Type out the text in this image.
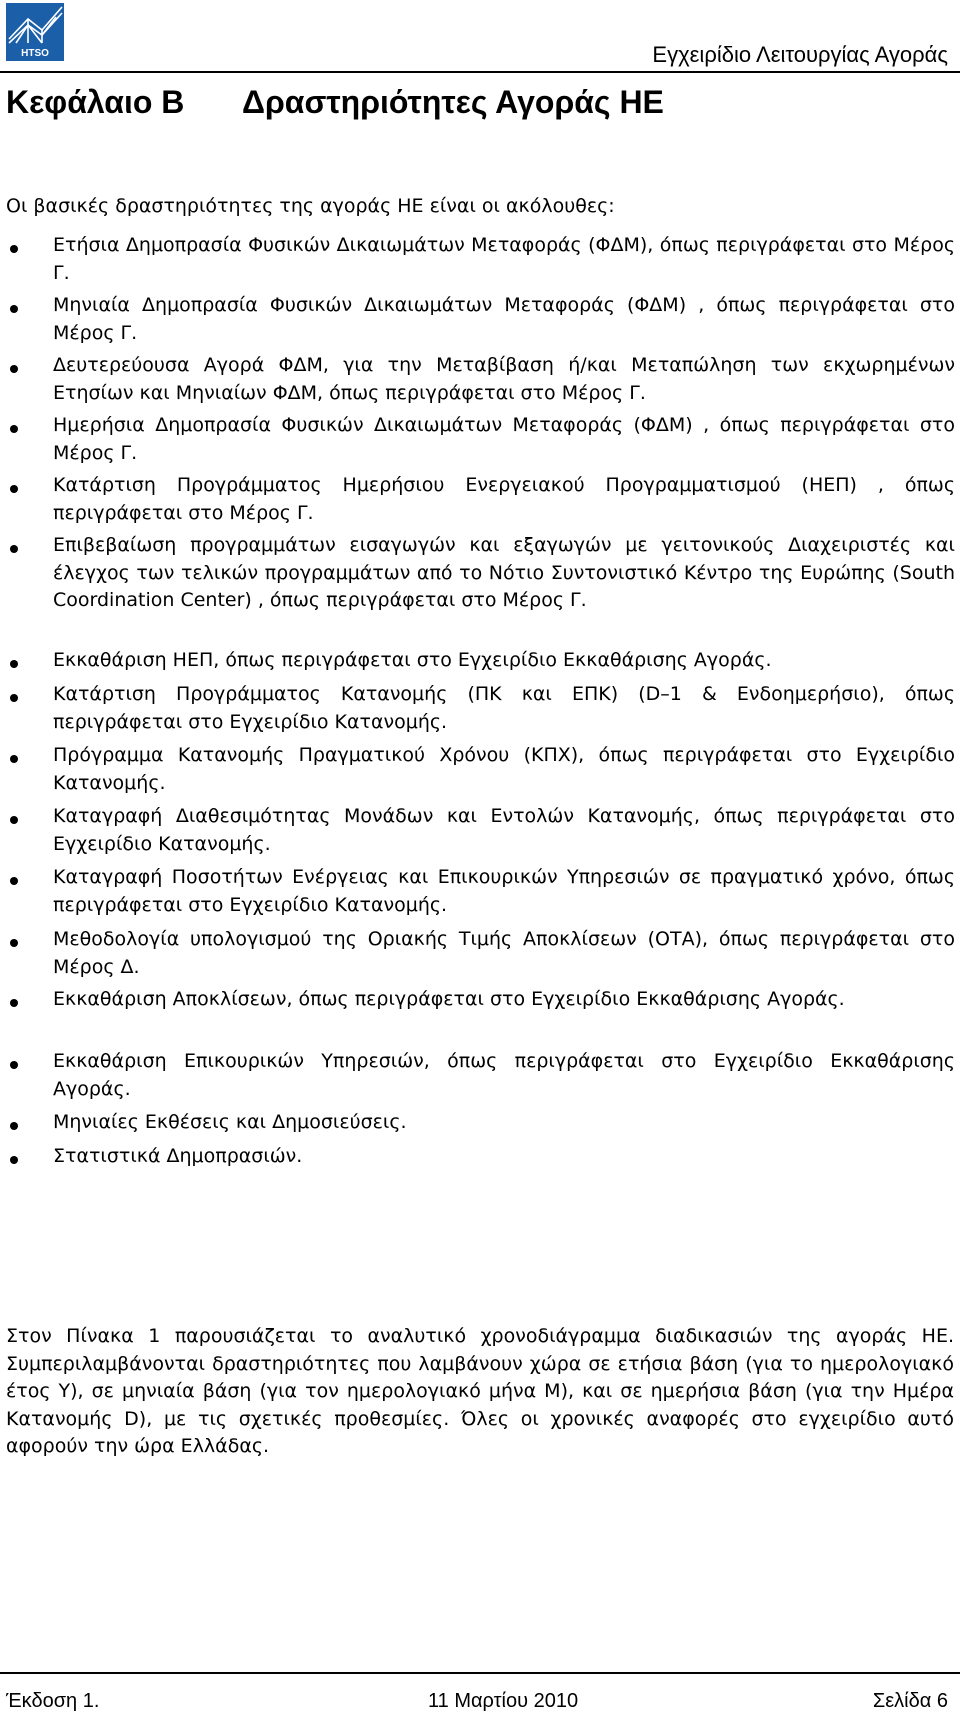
HTSO	Εγχειρίδιο Λειτουργίας Αγοράς
Κεφάλαιο Β Δραστηριότητες Αγοράς ΗΕ
Οι βασικές δραστηριότητες της αγοράς ΗΕ είναι οι ακόλουθες:
Ετήσια Δημοπρασία Φυσικών Δικαιωμάτων Μεταφοράς (ΦΔΜ), όπως περιγράφεται στο Μέρος Γ.
Μηνιαία Δημοπρασία Φυσικών Δικαιωμάτων Μεταφοράς (ΦΔΜ) , όπως περιγράφεται στο Μέρος Γ.
Δευτερεύουσα Αγορά ΦΔΜ, για την Μεταβίβαση ή/και Μεταπώληση των εκχωρημένων Ετησίων και Μηνιαίων ΦΔΜ, όπως περιγράφεται στο Μέρος Γ.
Ημερήσια Δημοπρασία Φυσικών Δικαιωμάτων Μεταφοράς (ΦΔΜ) , όπως περιγράφεται στο Μέρος Γ.
Κατάρτιση Προγράμματος Ημερήσιου Ενεργειακού Προγραμματισμού (ΗΕΠ) , όπως περιγράφεται στο Μέρος Γ.
Επιβεβαίωση προγραμμάτων εισαγωγών και εξαγωγών με γειτονικούς Διαχειριστές και έλεγχος των τελικών προγραμμάτων από το Νότιο Συντονιστικό Κέντρο της Ευρώπης (South Coordination Center) , όπως περιγράφεται στο Μέρος Γ.
Εκκαθάριση ΗΕΠ, όπως περιγράφεται στο Εγχειρίδιο Εκκαθάρισης Αγοράς.
Κατάρτιση Προγράμματος Κατανομής (ΠΚ και ΕΠΚ) (D–1 & Ενδοημερήσιο), όπως περιγράφεται στο Εγχειρίδιο Κατανομής.
Πρόγραμμα Κατανομής Πραγματικού Χρόνου (ΚΠΧ), όπως περιγράφεται στο Εγχειρίδιο Κατανομής.
Καταγραφή Διαθεσιμότητας Μονάδων και Εντολών Κατανομής, όπως περιγράφεται στο Εγχειρίδιο Κατανομής.
Καταγραφή Ποσοτήτων Ενέργειας και Επικουρικών Υπηρεσιών σε πραγματικό χρόνο, όπως περιγράφεται στο Εγχειρίδιο Κατανομής.
Μεθοδολογία υπολογισμού της Οριακής Τιμής Αποκλίσεων (ΟΤΑ), όπως περιγράφεται στο Μέρος Δ.
Εκκαθάριση Αποκλίσεων, όπως περιγράφεται στο Εγχειρίδιο Εκκαθάρισης Αγοράς.
Εκκαθάριση Επικουρικών Υπηρεσιών, όπως περιγράφεται στο Εγχειρίδιο Εκκαθάρισης Αγοράς.
Μηνιαίες Εκθέσεις και Δημοσιεύσεις.
Στατιστικά Δημοπρασιών.

Στον Πίνακα 1 παρουσιάζεται το αναλυτικό χρονοδιάγραμμα διαδικασιών της αγοράς ΗΕ. Συμπεριλαμβάνονται δραστηριότητες που λαμβάνουν χώρα σε ετήσια βάση (για το ημερολογιακό έτος Y), σε μηνιαία βάση (για τον ημερολογιακό μήνα M), και σε ημερήσια βάση (για την Ημέρα Κατανομής D), με τις σχετικές προθεσμίες. Όλες οι χρονικές αναφορές στο εγχειρίδιο αυτό αφορούν την ώρα Ελλάδας.

Έκδοση 1.	11 Μαρτίου 2010	Σελίδα 6
